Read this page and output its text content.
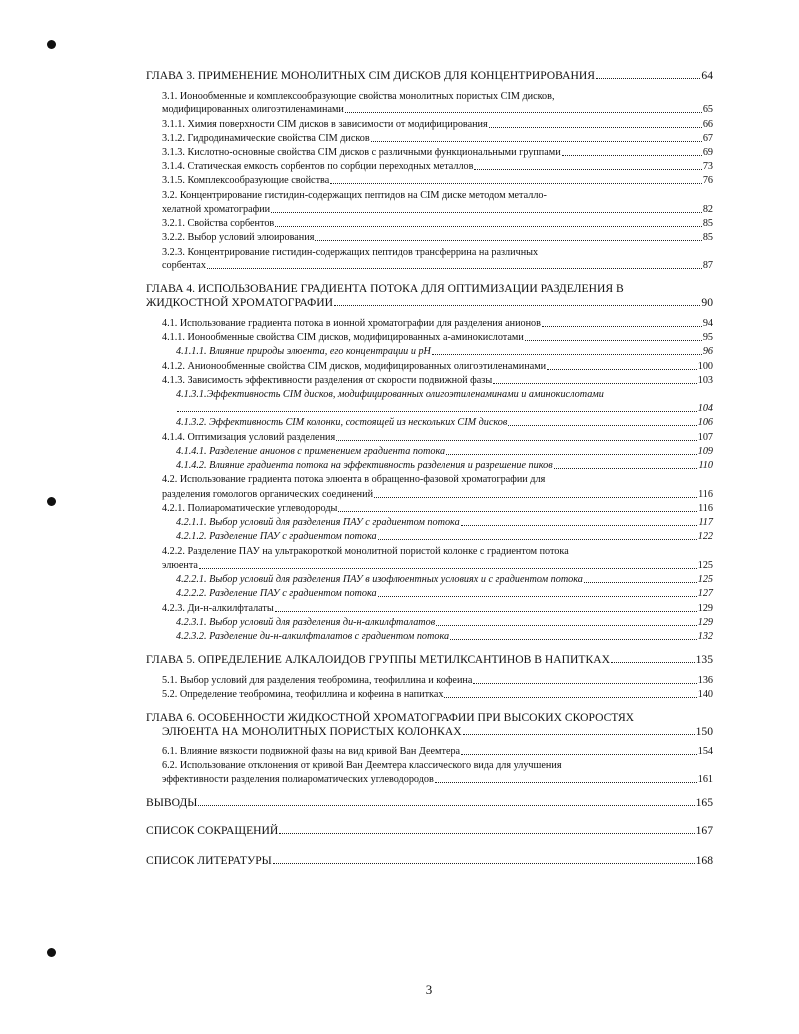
ГЛАВА 3. ПРИМЕНЕНИЕ МОНОЛИТНЫХ CIM ДИСКОВ ДЛЯ КОНЦЕНТРИРОВАНИЯ	64
3.1. Ионообменные и комплексообразующие свойства монолитных пористых CIM дисков,
модифицированных олигоэтиленаминами	65
3.1.1. Химия поверхности CIM дисков в зависимости от модифицирования	66
3.1.2. Гидродинамические свойства CIM дисков	67
3.1.3. Кислотно-основные свойства CIM дисков с различными функциональными группами	69
3.1.4. Статическая емкость сорбентов по сорбции переходных металлов	73
3.1.5. Комплексообразующие свойства	76
3.2. Концентрирование гистидин-содержащих пептидов на CIM диске методом металло-
хелатной хроматографии	82
3.2.1. Свойства сорбентов	85
3.2.2. Выбор условий элюирования	85
3.2.3. Концентрирование гистидин-содержащих пептидов трансферрина на различных
сорбентах	87
ГЛАВА 4. ИСПОЛЬЗОВАНИЕ ГРАДИЕНТА ПОТОКА ДЛЯ ОПТИМИЗАЦИИ РАЗДЕЛЕНИЯ В
ЖИДКОСТНОЙ ХРОМАТОГРАФИИ	90
4.1. Использование градиента потока в ионной хроматографии для разделения анионов	94
4.1.1. Ионообменные свойства CIM дисков, модифицированных а-аминокислотами	95
4.1.1.1. Влияние природы элюента, его концентрации и pH	96
4.1.2. Анионообменные свойства CIM дисков, модифицированных олигоэтиленаминами	100
4.1.3. Зависимость эффективности разделения от скорости подвижной фазы	103
4.1.3.1.Эффективность CIM дисков, модифицированных олигоэтиленаминами и аминокислотами
104
4.1.3.2. Эффективность CIM колонки, состоящей из нескольких CIM дисков	106
4.1.4. Оптимизация условий разделения	107
4.1.4.1. Разделение анионов с применением градиента потока	109
4.1.4.2. Влияние градиента потока на эффективность разделения и разрешение пиков	110
4.2. Использование градиента потока элюента в обращенно-фазовой хроматографии для
разделения гомологов органических соединений	116
4.2.1. Полиароматические углеводороды	116
4.2.1.1. Выбор условий для разделения ПАУ с градиентом потока	117
4.2.1.2. Разделение ПАУ с градиентом потока	122
4.2.2. Разделение ПАУ на ультракороткой монолитной пористой колонке с градиентом потока
элюента	125
4.2.2.1. Выбор условий для разделения ПАУ в изофлюентных условиях и с градиентом потока	125
4.2.2.2. Разделение ПАУ с градиентом потока	127
4.2.3. Ди-н-алкилфталаты	129
4.2.3.1. Выбор условий для разделения ди-н-алкилфталатов	129
4.2.3.2. Разделение ди-н-алкилфталатов с градиентом потока	132
ГЛАВА 5. ОПРЕДЕЛЕНИЕ АЛКАЛОИДОВ ГРУППЫ МЕТИЛКСАНТИНОВ В НАПИТКАХ	135
5.1. Выбор условий для разделения теобромина, теофиллина и кофеина	136
5.2. Определение теобромина, теофиллина и кофеина в напитках	140
ГЛАВА 6. ОСОБЕННОСТИ ЖИДКОСТНОЙ ХРОМАТОГРАФИИ ПРИ ВЫСОКИХ СКОРОСТЯХ
ЭЛЮЕНТА НА МОНОЛИТНЫХ ПОРИСТЫХ КОЛОНКАХ	150
6.1. Влияние вязкости подвижной фазы на вид кривой Ван Деемтера	154
6.2. Использование отклонения от кривой Ван Деемтера классического вида для улучшения
эффективности разделения полиароматических углеводородов	161
ВЫВОДЫ	165
СПИСОК СОКРАЩЕНИЙ	167
СПИСОК ЛИТЕРАТУРЫ	168
3
